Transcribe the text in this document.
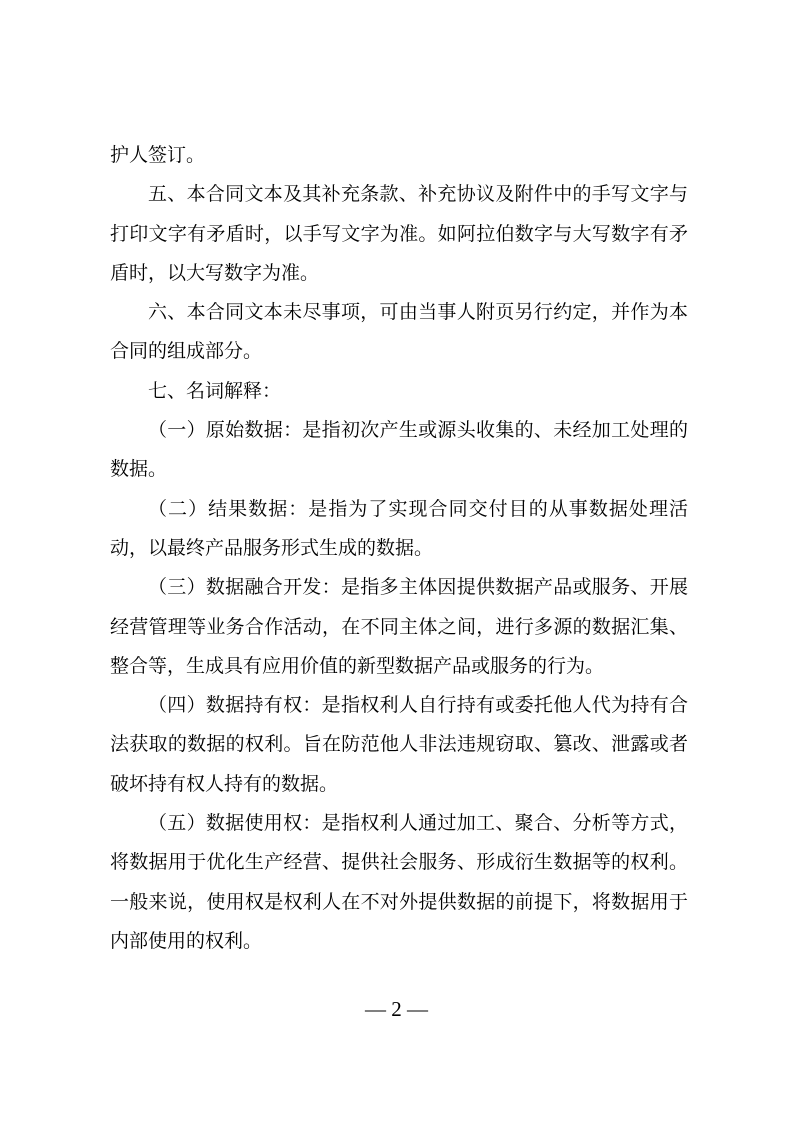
护人签订。

五、本合同文本及其补充条款、补充协议及附件中的手写文字与打印文字有矛盾时，以手写文字为准。如阿拉伯数字与大写数字有矛盾时，以大写数字为准。

六、本合同文本未尽事项，可由当事人附页另行约定，并作为本合同的组成部分。

七、名词解释：

（一）原始数据：是指初次产生或源头收集的、未经加工处理的数据。

（二）结果数据：是指为了实现合同交付目的从事数据处理活动，以最终产品服务形式生成的数据。

（三）数据融合开发：是指多主体因提供数据产品或服务、开展经营管理等业务合作活动，在不同主体之间，进行多源的数据汇集、整合等，生成具有应用价值的新型数据产品或服务的行为。

（四）数据持有权：是指权利人自行持有或委托他人代为持有合法获取的数据的权利。旨在防范他人非法违规窃取、篡改、泄露或者破坏持有权人持有的数据。

（五）数据使用权：是指权利人通过加工、聚合、分析等方式，将数据用于优化生产经营、提供社会服务、形成衍生数据等的权利。一般来说，使用权是权利人在不对外提供数据的前提下，将数据用于内部使用的权利。

— 2 —
